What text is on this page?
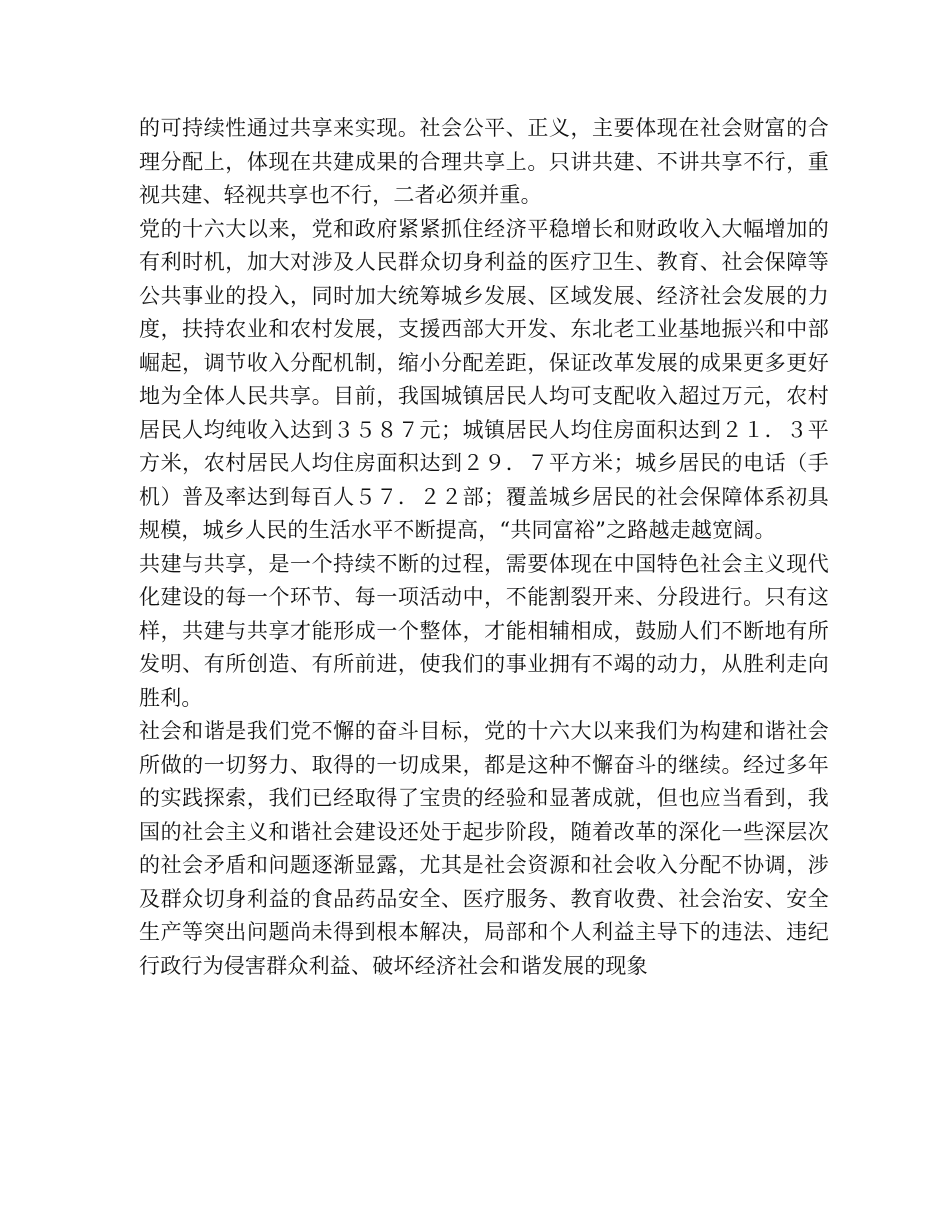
的可持续性通过共享来实现。社会公平、正义，主要体现在社会财富的合理分配上，体现在共建成果的合理共享上。只讲共建、不讲共享不行，重视共建、轻视共享也不行，二者必须并重。

党的十六大以来，党和政府紧紧抓住经济平稳增长和财政收入大幅增加的有利时机，加大对涉及人民群众切身利益的医疗卫生、教育、社会保障等公共事业的投入，同时加大统筹城乡发展、区域发展、经济社会发展的力度，扶持农业和农村发展，支援西部大开发、东北老工业基地振兴和中部崛起，调节收入分配机制，缩小分配差距，保证改革发展的成果更多更好地为全体人民共享。目前，我国城镇居民人均可支配收入超过万元，农村居民人均纯收入达到３５８７元；城镇居民人均住房面积达到２１．３平方米，农村居民人均住房面积达到２９．７平方米；城乡居民的电话（手机）普及率达到每百人５７．２２部；覆盖城乡居民的社会保障体系初具规模，城乡人民的生活水平不断提高，“共同富裕”之路越走越宽阔。

共建与共享，是一个持续不断的过程，需要体现在中国特色社会主义现代化建设的每一个环节、每一项活动中，不能割裂开来、分段进行。只有这样，共建与共享才能形成一个整体，才能相辅相成，鼓励人们不断地有所发明、有所创造、有所前进，使我们的事业拥有不竭的动力，从胜利走向胜利。

社会和谐是我们党不懈的奋斗目标，党的十六大以来我们为构建和谐社会所做的一切努力、取得的一切成果，都是这种不懈奋斗的继续。经过多年的实践探索，我们已经取得了宝贵的经验和显著成就，但也应当看到，我国的社会主义和谐社会建设还处于起步阶段，随着改革的深化一些深层次的社会矛盾和问题逐渐显露，尤其是社会资源和社会收入分配不协调，涉及群众切身利益的食品药品安全、医疗服务、教育收费、社会治安、安全生产等突出问题尚未得到根本解决，局部和个人利益主导下的违法、违纪行政行为侵害群众利益、破坏经济社会和谐发展的现象
